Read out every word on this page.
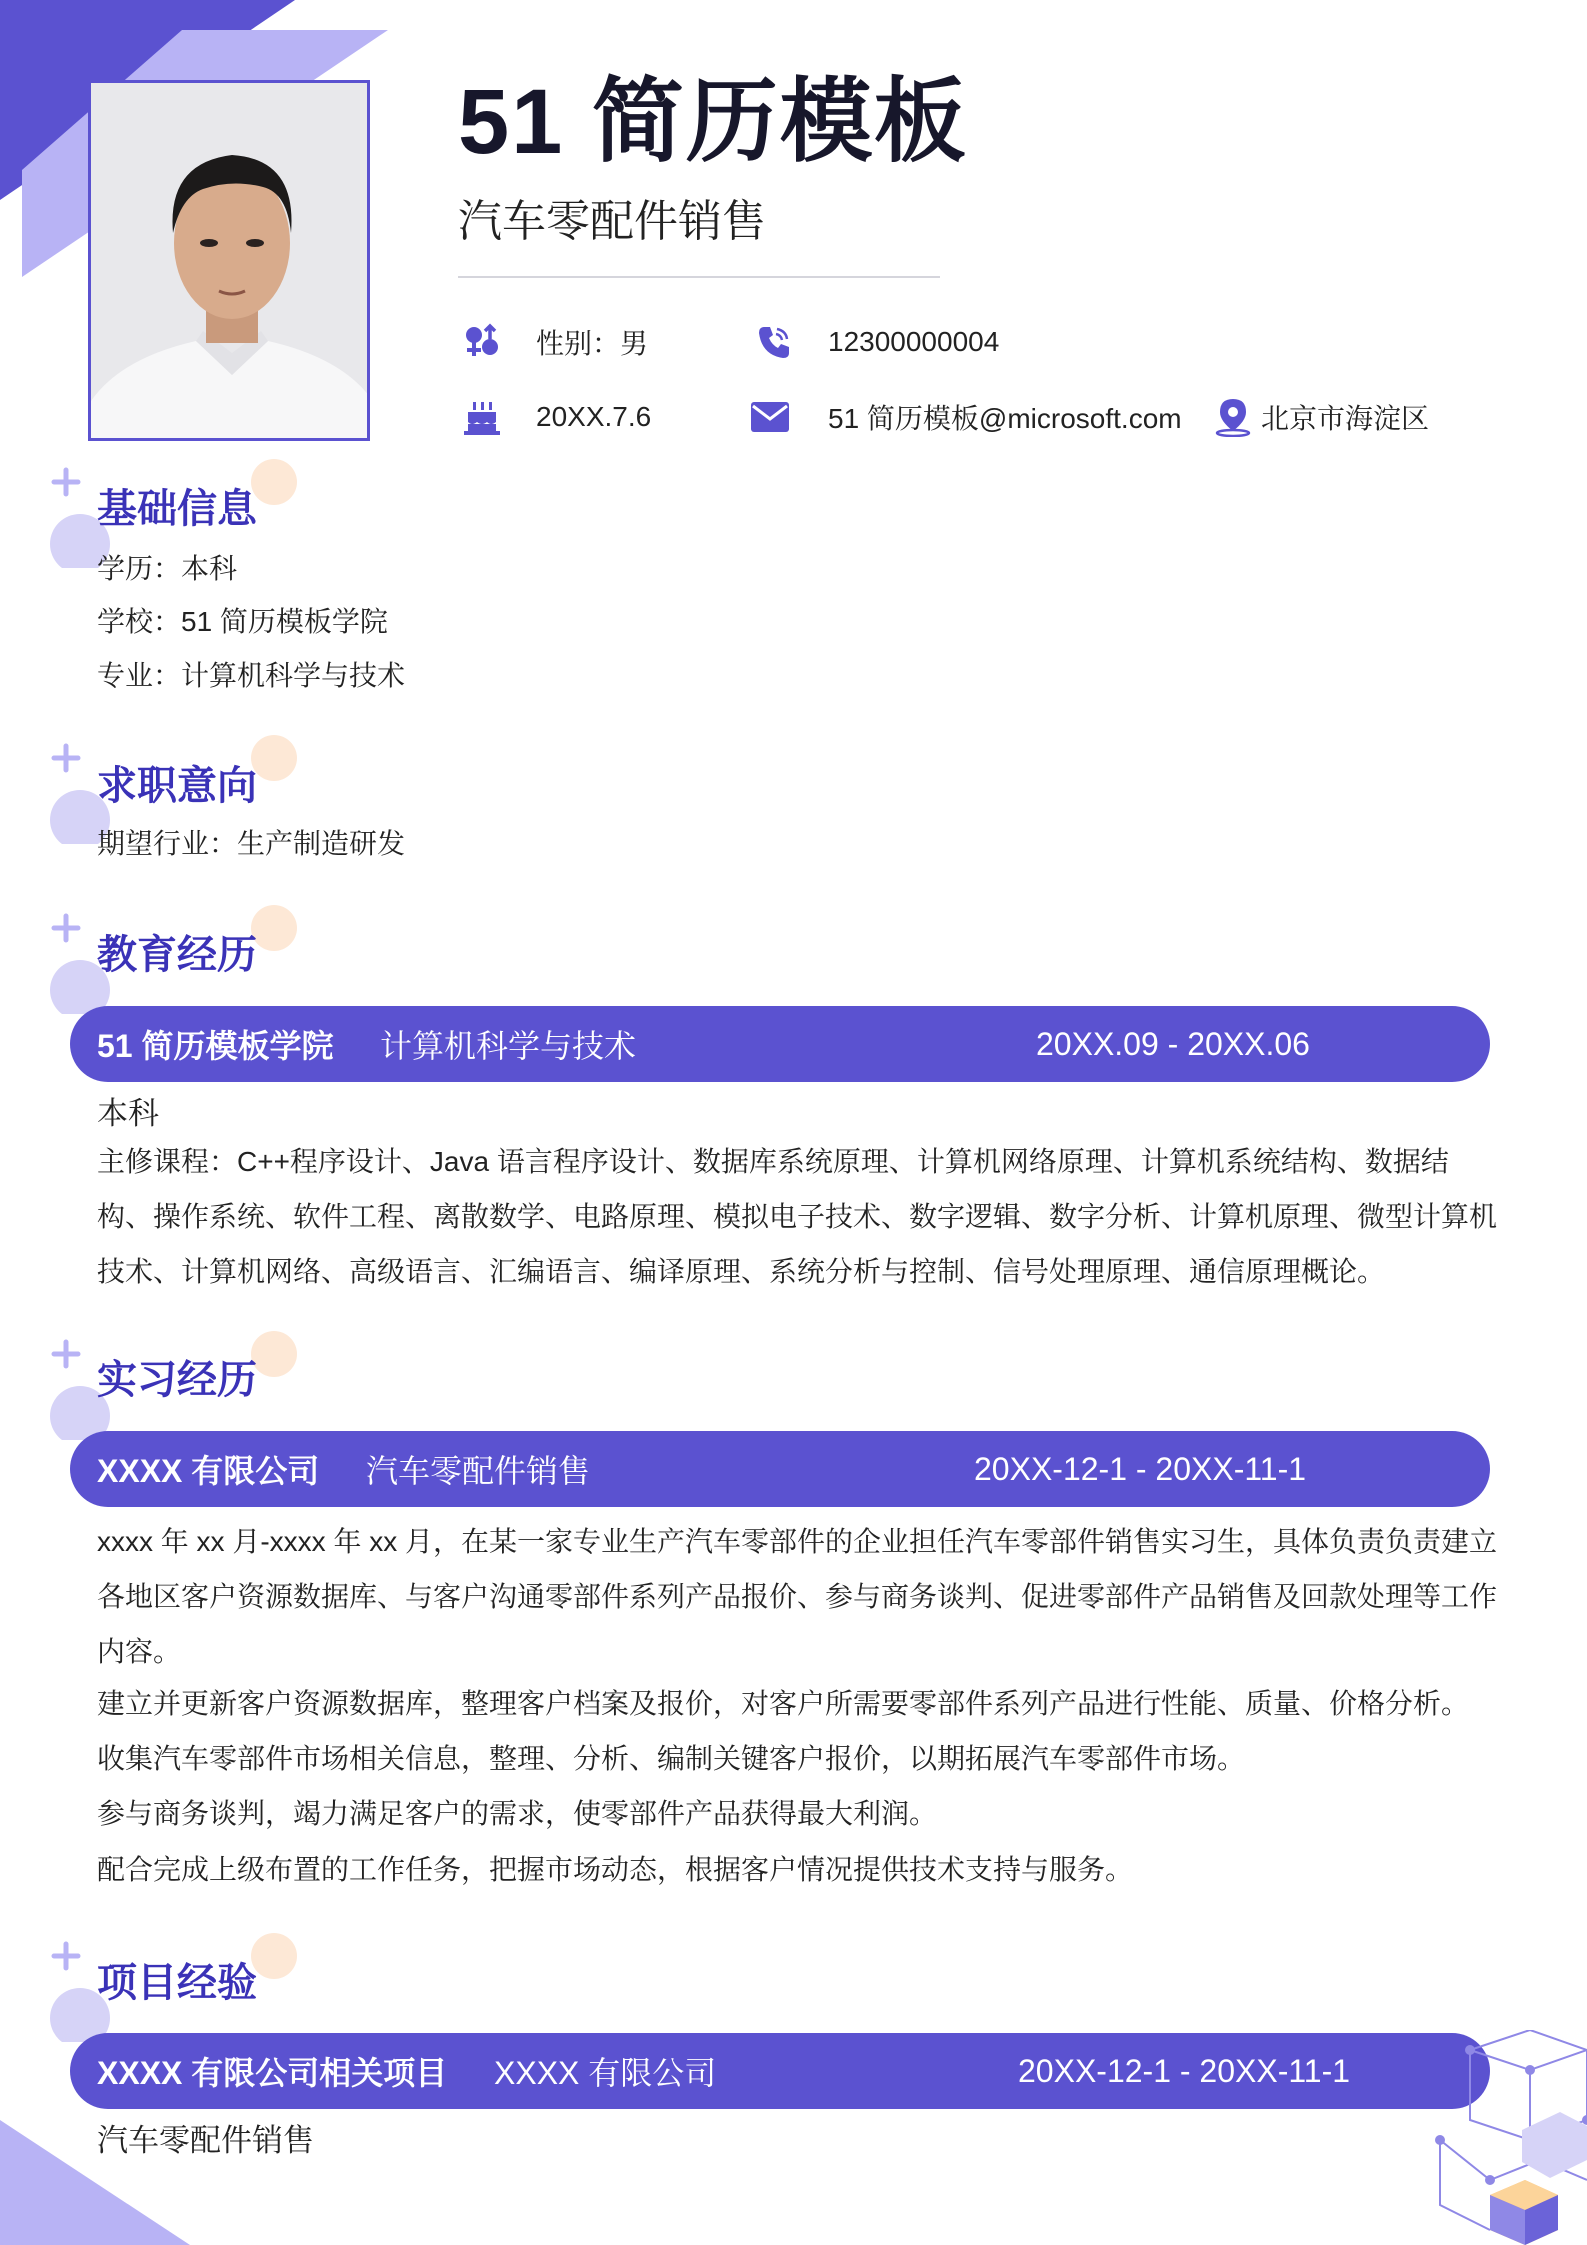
51 简历模板
汽车零配件销售
性别：男	12300000004
20XX.7.6	51 简历模板@microsoft.com	北京市海淀区
基础信息
学历：本科
学校：51 简历模板学院
专业：计算机科学与技术
求职意向
期望行业：生产制造研发
教育经历
51 简历模板学院 计算机科学与技术	20XX.09 - 20XX.06
本科
主修课程：C++程序设计、Java 语言程序设计、数据库系统原理、计算机网络原理、计算机系统结构、数据结构、操作系统、软件工程、离散数学、电路原理、模拟电子技术、数字逻辑、数字分析、计算机原理、微型计算机技术、计算机网络、高级语言、汇编语言、编译原理、系统分析与控制、信号处理原理、通信原理概论。
实习经历
XXXX 有限公司 汽车零配件销售	20XX-12-1 - 20XX-11-1
xxxx 年 xx 月-xxxx 年 xx 月，在某一家专业生产汽车零部件的企业担任汽车零部件销售实习生，具体负责负责建立各地区客户资源数据库、与客户沟通零部件系列产品报价、参与商务谈判、促进零部件产品销售及回款处理等工作内容。
建立并更新客户资源数据库，整理客户档案及报价，对客户所需要零部件系列产品进行性能、质量、价格分析。
收集汽车零部件市场相关信息，整理、分析、编制关键客户报价，以期拓展汽车零部件市场。
参与商务谈判，竭力满足客户的需求，使零部件产品获得最大利润。
配合完成上级布置的工作任务，把握市场动态，根据客户情况提供技术支持与服务。
项目经验
XXXX 有限公司相关项目 XXXX 有限公司	20XX-12-1 - 20XX-11-1
汽车零配件销售
